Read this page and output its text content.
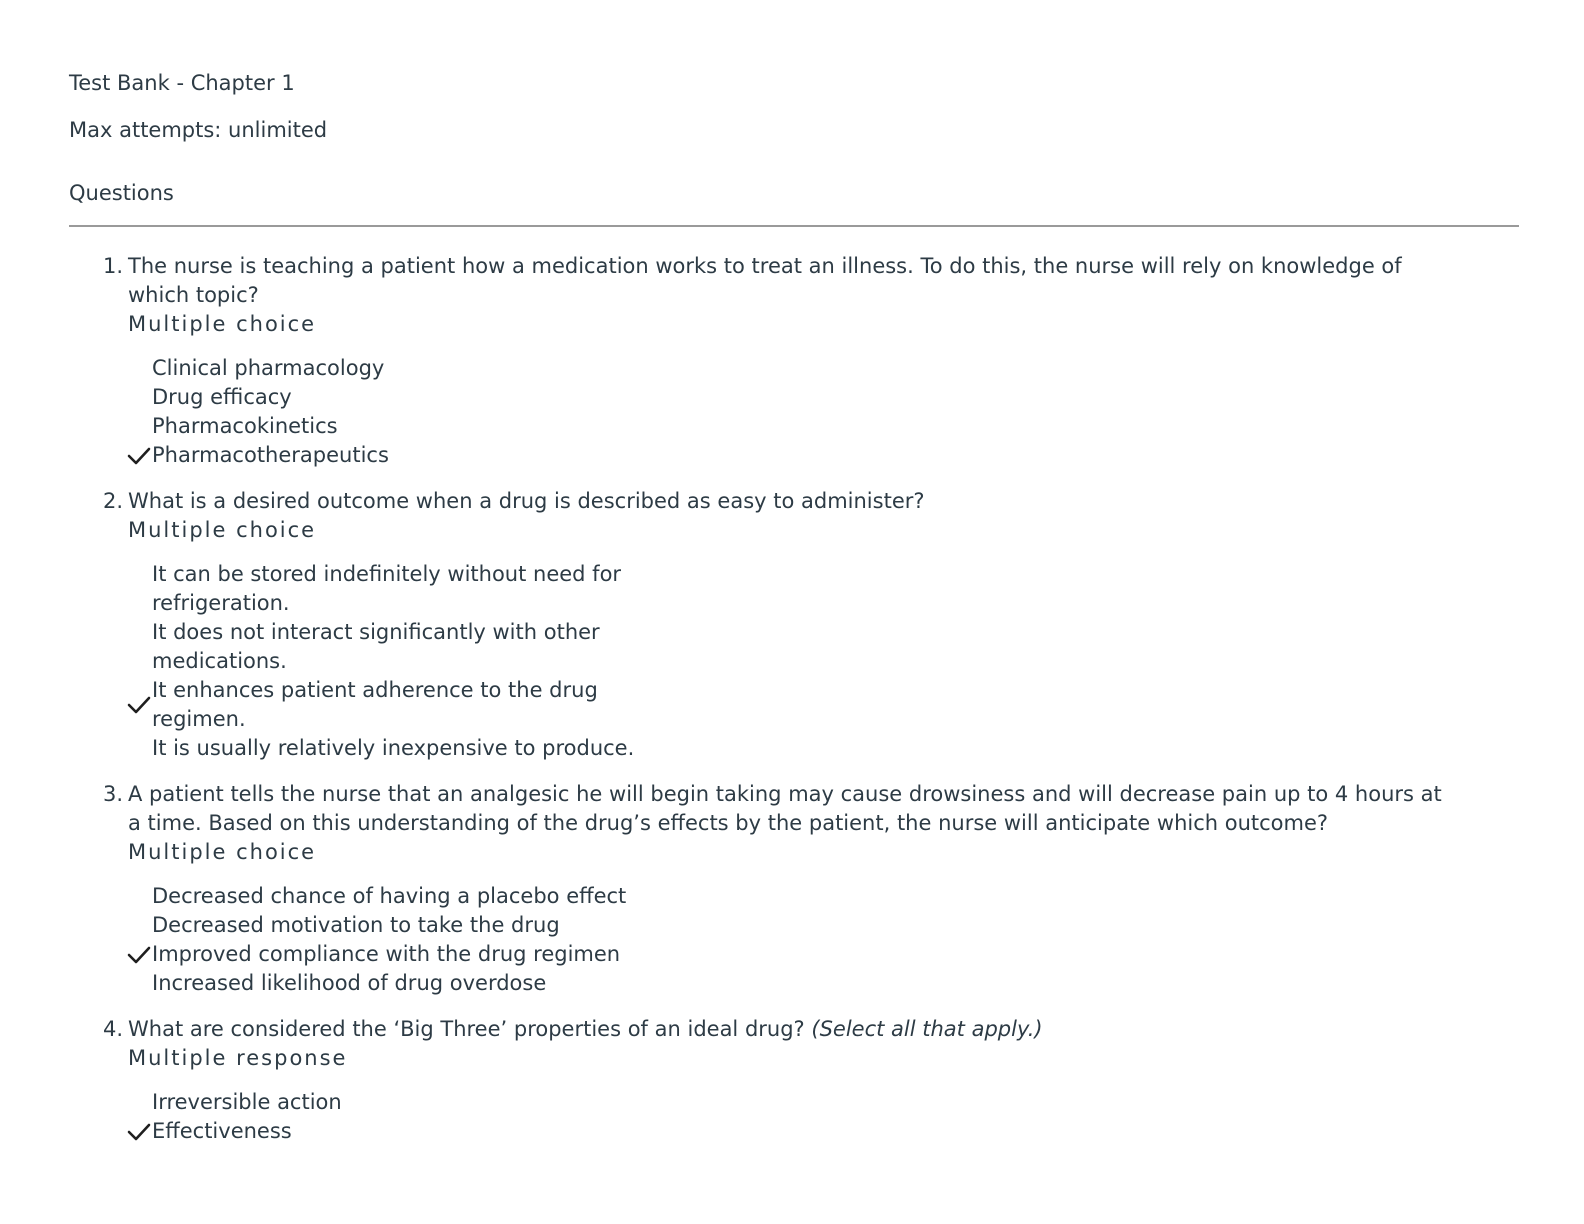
Test Bank - Chapter 1

Max attempts: unlimited

Questions
1. The nurse is teaching a patient how a medication works to treat an illness. To do this, the nurse will rely on knowledge of which topic?

Multiple choice

Clinical pharmacology
Drug efficacy
Pharmacokinetics
Pharmacotherapeutics
2. What is a desired outcome when a drug is described as easy to administer?

Multiple choice

It can be stored indefinitely without need for refrigeration.
It does not interact significantly with other medications.
It enhances patient adherence to the drug regimen.
It is usually relatively inexpensive to produce.
3. A patient tells the nurse that an analgesic he will begin taking may cause drowsiness and will decrease pain up to 4 hours at a time. Based on this understanding of the drug’s effects by the patient, the nurse will anticipate which outcome?

Multiple choice

Decreased chance of having a placebo effect
Decreased motivation to take the drug
Improved compliance with the drug regimen
Increased likelihood of drug overdose
4. What are considered the ‘Big Three’ properties of an ideal drug? (Select all that apply.)

Multiple response

Irreversible action
Effectiveness
